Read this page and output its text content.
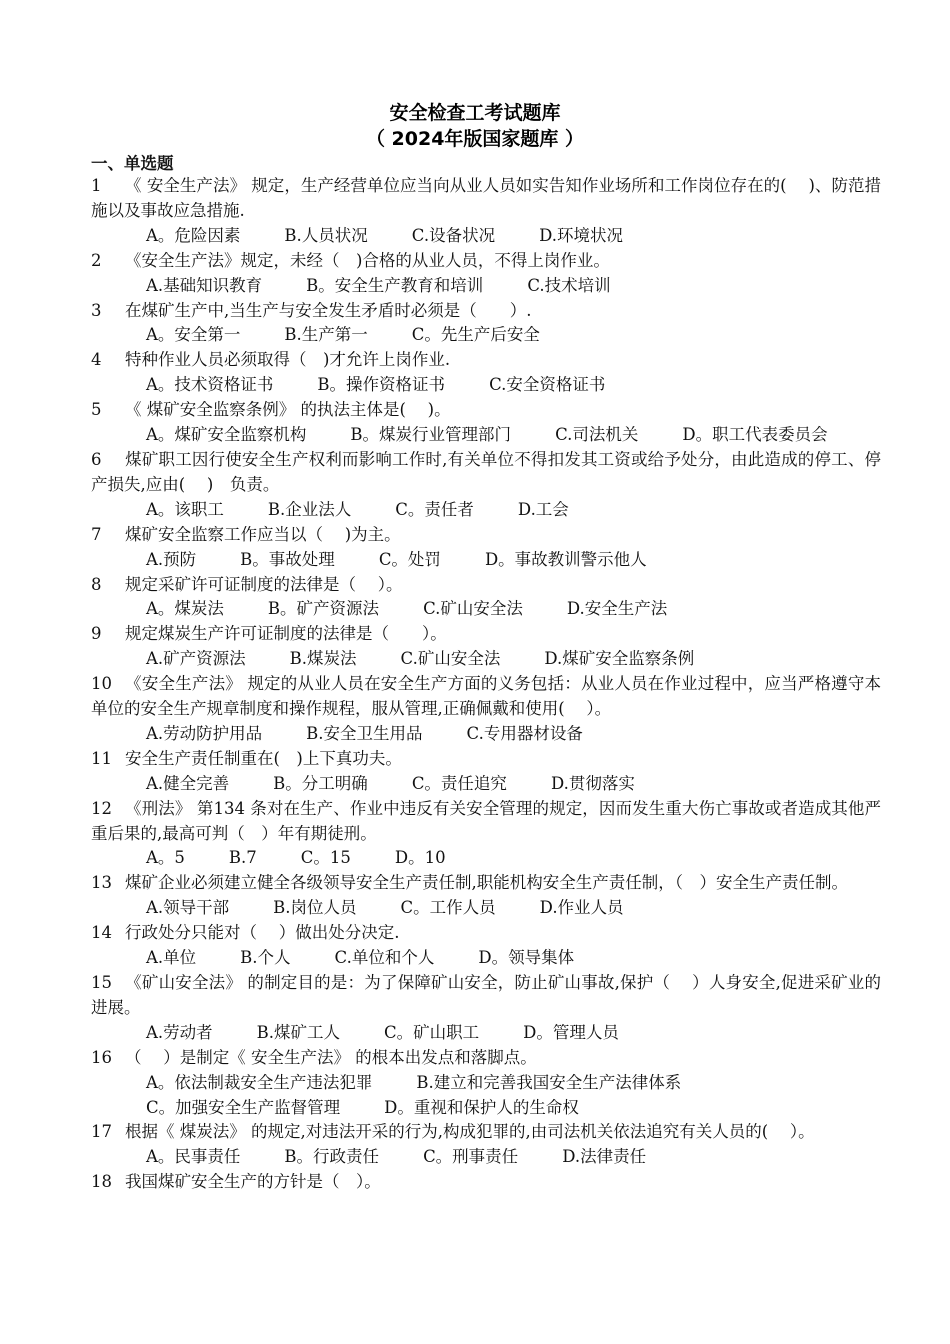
安全检查工考试题库
（ 2024年版国家题库 ）
一、单选题
1 《 安全生产法》 规定，生产经营单位应当向从业人员如实告知作业场所和工作岗位存在的(　 )、防范措施以及事故应急措施.
A。危险因素	B.人员状况	C.设备状况	D.环境状况
2 《安全生产法》规定，未经（　)合格的从业人员，不得上岗作业。
A.基础知识教育	B。安全生产教育和培训	C.技术培训
3 在煤矿生产中,当生产与安全发生矛盾时必须是（　　）.
A。安全第一	B.生产第一	C。先生产后安全
4 特种作业人员必须取得（　)才允许上岗作业.
A。技术资格证书	B。操作资格证书	C.安全资格证书
5 《 煤矿安全监察条例》 的执法主体是(　 )。
A。煤矿安全监察机构	B。煤炭行业管理部门	C.司法机关	D。职工代表委员会
6 煤矿职工因行使安全生产权利而影响工作时,有关单位不得扣发其工资或给予处分，由此造成的停工、停产损失,应由(　 )　负责。
A。该职工	B.企业法人	C。责任者	D.工会
7 煤矿安全监察工作应当以（　 )为主。
A.预防	B。事故处理	C。处罚	D。事故教训警示他人
8 规定采矿许可证制度的法律是（　 ）。
A。煤炭法	B。矿产资源法	C.矿山安全法	D.安全生产法
9 规定煤炭生产许可证制度的法律是（　　）。
A.矿产资源法	B.煤炭法	C.矿山安全法	D.煤矿安全监察条例
10 《安全生产法》 规定的从业人员在安全生产方面的义务包括：从业人员在作业过程中，应当严格遵守本单位的安全生产规章制度和操作规程，服从管理,正确佩戴和使用(　 ）。
A.劳动防护用品	B.安全卫生用品	C.专用器材设备
11 安全生产责任制重在(　)上下真功夫。
A.健全完善	B。分工明确	C。责任追究	D.贯彻落实
12 《刑法》 第134 条对在生产、作业中违反有关安全管理的规定，因而发生重大伤亡事故或者造成其他严重后果的,最高可判（　）年有期徒刑。
A。5	B.7	C。15	D。10
13 煤矿企业必须建立健全各级领导安全生产责任制,职能机构安全生产责任制，（　）安全生产责任制。
A.领导干部	B.岗位人员	C。工作人员	D.作业人员
14 行政处分只能对（　 ）做出处分决定.
A.单位	B.个人	C.单位和个人	D。领导集体
15 《矿山安全法》 的制定目的是：为了保障矿山安全，防止矿山事故,保护（　 ）人身安全,促进采矿业的进展。
A.劳动者	B.煤矿工人	C。矿山职工	D。管理人员
16 （　 ）是制定《 安全生产法》 的根本出发点和落脚点。
A。依法制裁安全生产违法犯罪	B.建立和完善我国安全生产法律体系C。加强安全生产监督管理	D。重视和保护人的生命权
17 根据《 煤炭法》 的规定,对违法开采的行为,构成犯罪的,由司法机关依法追究有关人员的(　 ）。
A。民事责任	B。行政责任	C。刑事责任	D.法律责任
18 我国煤矿安全生产的方针是（　）。
